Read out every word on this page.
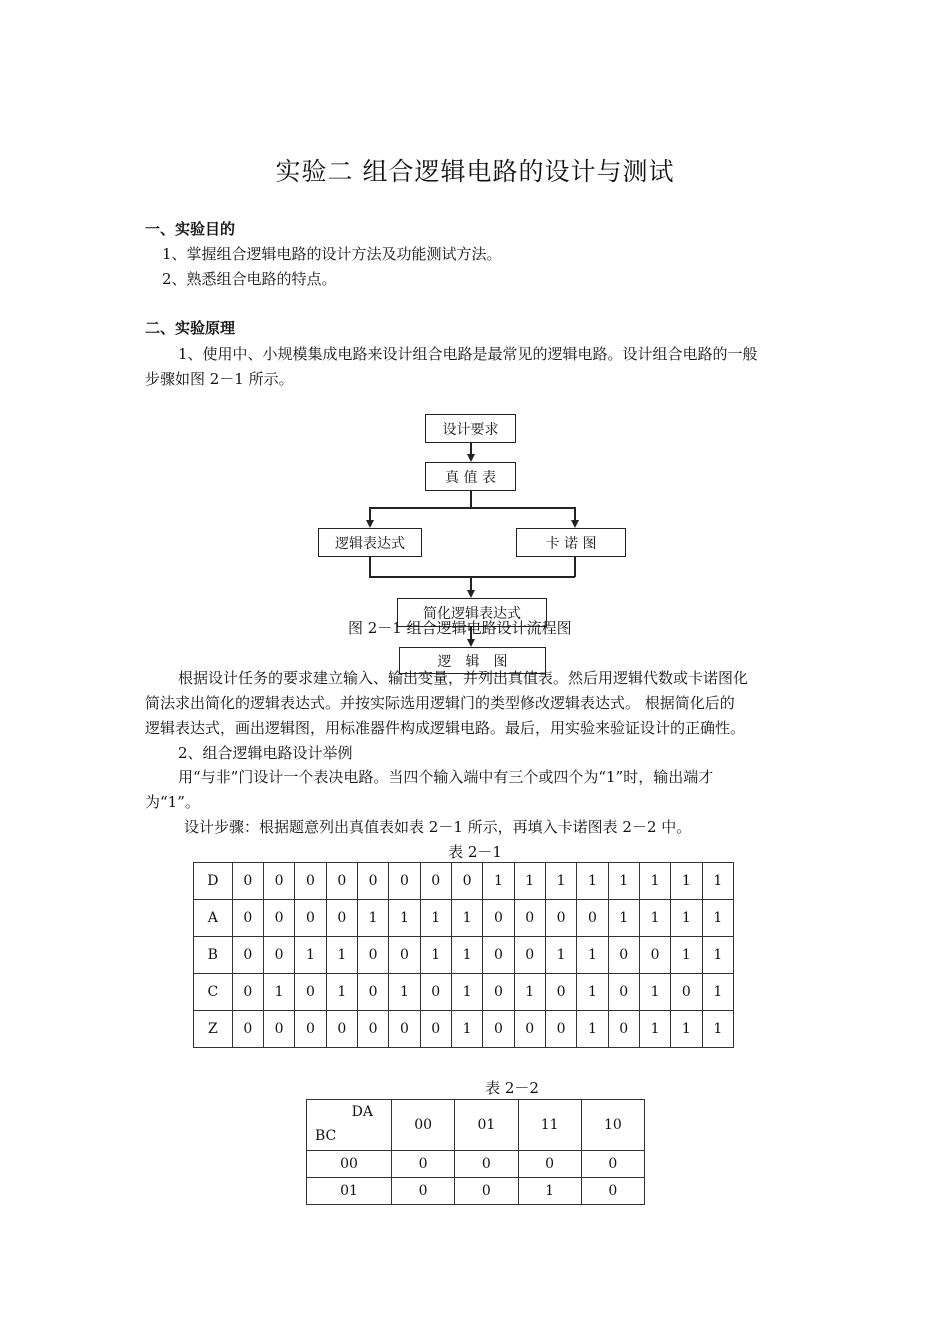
实验二 组合逻辑电路的设计与测试
一、实验目的
1、掌握组合逻辑电路的设计方法及功能测试方法。
2、熟悉组合电路的特点。
二、实验原理
1、使用中、小规模集成电路来设计组合电路是最常见的逻辑电路。设计组合电路的一般
步骤如图 2－1 所示。
设计要求
真 值 表
逻辑表达式	卡 诺 图
简化逻辑表达式
逻　辑　图
图 2－1 组合逻辑电路设计流程图
根据设计任务的要求建立输入、输出变量，并列出真值表。然后用逻辑代数或卡诺图化
简法求出简化的逻辑表达式。并按实际选用逻辑门的类型修改逻辑表达式。 根据简化后的
逻辑表达式，画出逻辑图，用标准器件构成逻辑电路。最后，用实验来验证设计的正确性。
2、组合逻辑电路设计举例
用“与非”门设计一个表决电路。当四个输入端中有三个或四个为“1”时，输出端才
为“1”。
设计步骤：根据题意列出真值表如表 2－1 所示，再填入卡诺图表 2－2 中。
表 2－1
D	0	0	0	0	0	0	0	0	1	1	1	1	1	1	1	1
A	0	0	0	0	1	1	1	1	0	0	0	0	1	1	1	1
B	0	0	1	1	0	0	1	1	0	0	1	1	0	0	1	1
C	0	1	0	1	0	1	0	1	0	1	0	1	0	1	0	1
Z	0	0	0	0	0	0	0	1	0	0	0	1	0	1	1	1
表 2－2
DA
BC	00	01	11	10
00	0	0	0	0
01	0	0	1	0
